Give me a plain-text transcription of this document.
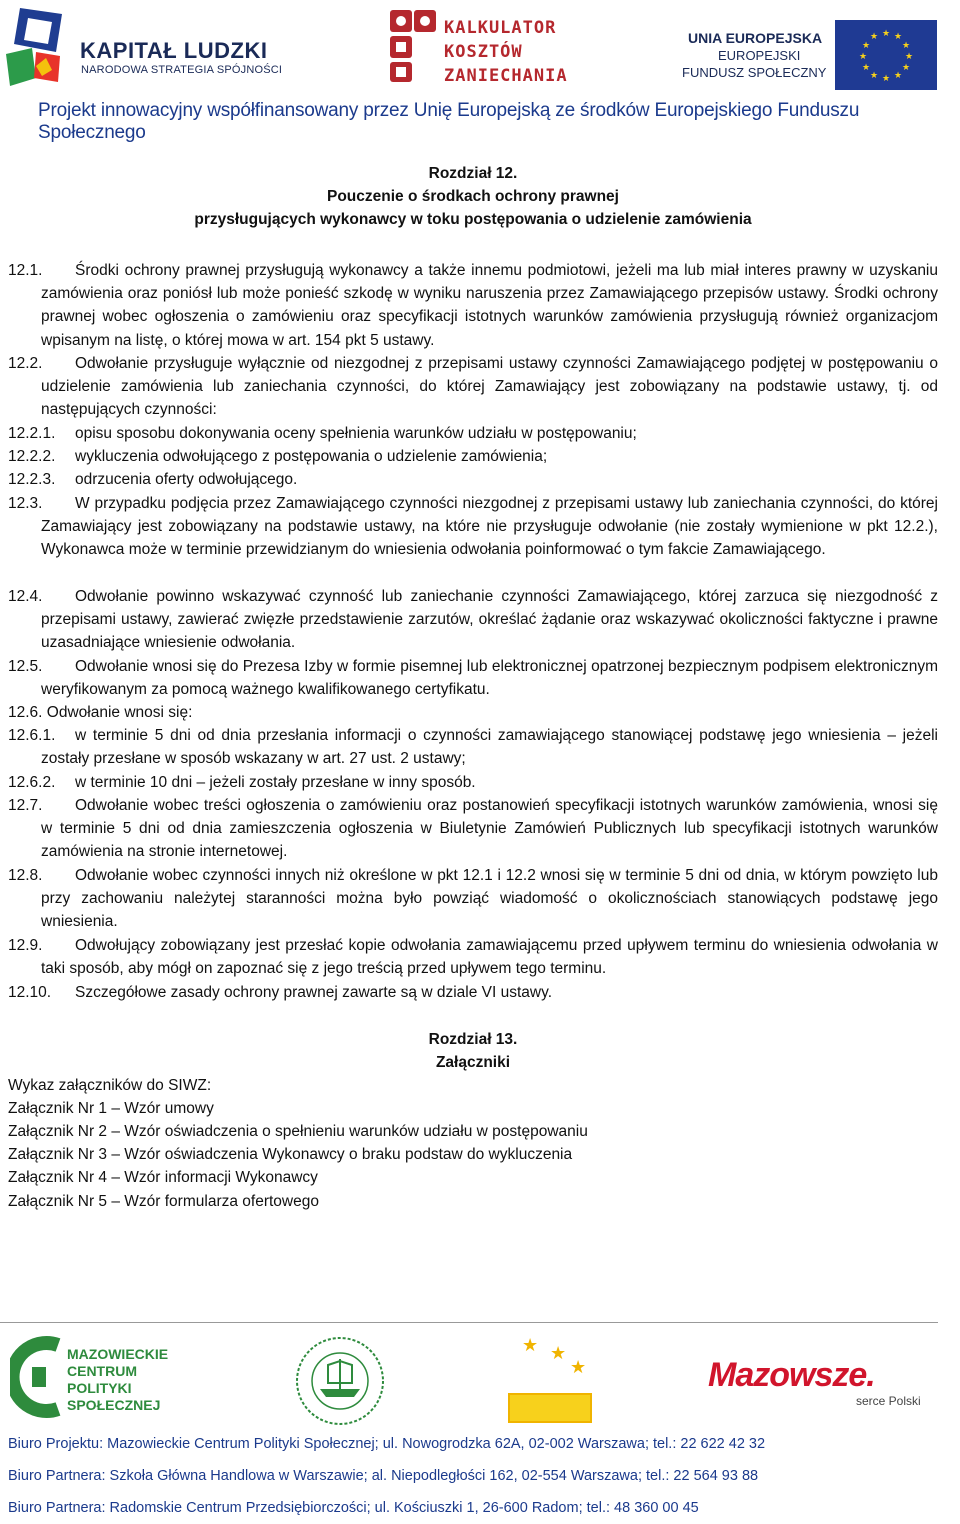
KAPITAŁ LUDZKI
NARODOWA STRATEGIA SPÓJNOŚCI
KALKULATOR
KOSZTÓW
ZANIECHANIA
UNIA EUROPEJSKA
EUROPEJSKI
FUNDUSZ SPOŁECZNY
★ ★
★
★
★
★
★
★
★
★
★
★
Projekt innowacyjny współfinansowany przez Unię Europejską ze środków Europejskiego Funduszu Społecznego
Rozdział 12.
Pouczenie o środkach ochrony prawnej
przysługujących wykonawcy w toku postępowania o udzielenie zamówienia
12.1.	Środki ochrony prawnej przysługują wykonawcy a także innemu podmiotowi, jeżeli ma lub miał interes prawny w uzyskaniu zamówienia oraz poniósł lub może ponieść szkodę w wyniku naruszenia przez Zamawiającego przepisów ustawy. Środki ochrony prawnej wobec ogłoszenia o zamówieniu oraz specyfikacji istotnych warunków zamówienia przysługują również organizacjom wpisanym na listę, o której mowa w art. 154 pkt 5 ustawy.
12.2.	Odwołanie przysługuje wyłącznie od niezgodnej z przepisami ustawy czynności Zamawiającego podjętej w postępowaniu o udzielenie zamówienia lub zaniechania czynności, do której Zamawiający jest zobowiązany na podstawie ustawy, tj. od następujących czynności:
12.2.1. opisu sposobu dokonywania oceny spełnienia warunków udziału w postępowaniu;
12.2.2. wykluczenia odwołującego z postępowania o udzielenie zamówienia;
12.2.3. odrzucenia oferty odwołującego.
12.3.	W przypadku podjęcia przez Zamawiającego czynności niezgodnej z przepisami ustawy lub zaniechania czynności, do której Zamawiający jest zobowiązany na podstawie ustawy, na które nie przysługuje odwołanie (nie zostały wymienione w pkt 12.2.), Wykonawca może w terminie przewidzianym do wniesienia odwołania poinformować o tym fakcie Zamawiającego.
12.4.	Odwołanie powinno wskazywać czynność lub zaniechanie czynności Zamawiającego, której zarzuca się niezgodność z przepisami ustawy, zawierać zwięzłe przedstawienie zarzutów, określać żądanie oraz wskazywać okoliczności faktyczne i prawne uzasadniające wniesienie odwołania.
12.5.	Odwołanie wnosi się do Prezesa Izby w formie pisemnej lub elektronicznej opatrzonej bezpiecznym podpisem elektronicznym weryfikowanym za pomocą ważnego kwalifikowanego certyfikatu.
12.6. Odwołanie wnosi się:
12.6.1.	w terminie 5 dni od dnia przesłania informacji o czynności zamawiającego stanowiącej podstawę jego wniesienia – jeżeli zostały przesłane w sposób wskazany w art. 27 ust. 2 ustawy;
12.6.2. w terminie 10 dni – jeżeli zostały przesłane w inny sposób.
12.7.	Odwołanie wobec treści ogłoszenia o zamówieniu oraz postanowień specyfikacji istotnych warunków zamówienia, wnosi się w terminie 5 dni od dnia zamieszczenia ogłoszenia w Biuletynie Zamówień Publicznych lub specyfikacji istotnych warunków zamówienia na stronie internetowej.
12.8.	Odwołanie wobec czynności innych niż określone w pkt 12.1 i 12.2 wnosi się w terminie 5 dni od dnia, w którym powzięto lub przy zachowaniu należytej staranności można było powziąć wiadomość o okolicznościach stanowiących podstawę jego wniesienia.
12.9.	Odwołujący zobowiązany jest przesłać kopie odwołania zamawiającemu przed upływem terminu do wniesienia odwołania w taki sposób, aby mógł on zapoznać się z jego treścią przed upływem tego terminu.
12.10. Szczegółowe zasady ochrony prawnej zawarte są w dziale VI ustawy.
Rozdział 13.
Załączniki
Wykaz załączników do SIWZ:
Załącznik Nr 1 – Wzór umowy
Załącznik Nr 2 – Wzór oświadczenia o spełnieniu warunków udziału w postępowaniu
Załącznik Nr 3 – Wzór oświadczenia Wykonawcy o braku podstaw do wykluczenia
Załącznik Nr 4 – Wzór informacji Wykonawcy
Załącznik Nr 5 – Wzór formularza ofertowego
MAZOWIECKIE
CENTRUM
POLITYKI
SPOŁECZNEJ
★ ★
★	Mazowsze.
serce Polski
Biuro Projektu: Mazowieckie Centrum Polityki Społecznej; ul. Nowogrodzka 62A, 02-002 Warszawa; tel.: 22 622 42 32
Biuro Partnera: Szkoła Główna Handlowa w Warszawie; al. Niepodległości 162, 02-554 Warszawa; tel.: 22 564 93 88
Biuro Partnera: Radomskie Centrum Przedsiębiorczości; ul. Kościuszki 1, 26-600 Radom; tel.: 48 360 00 45
